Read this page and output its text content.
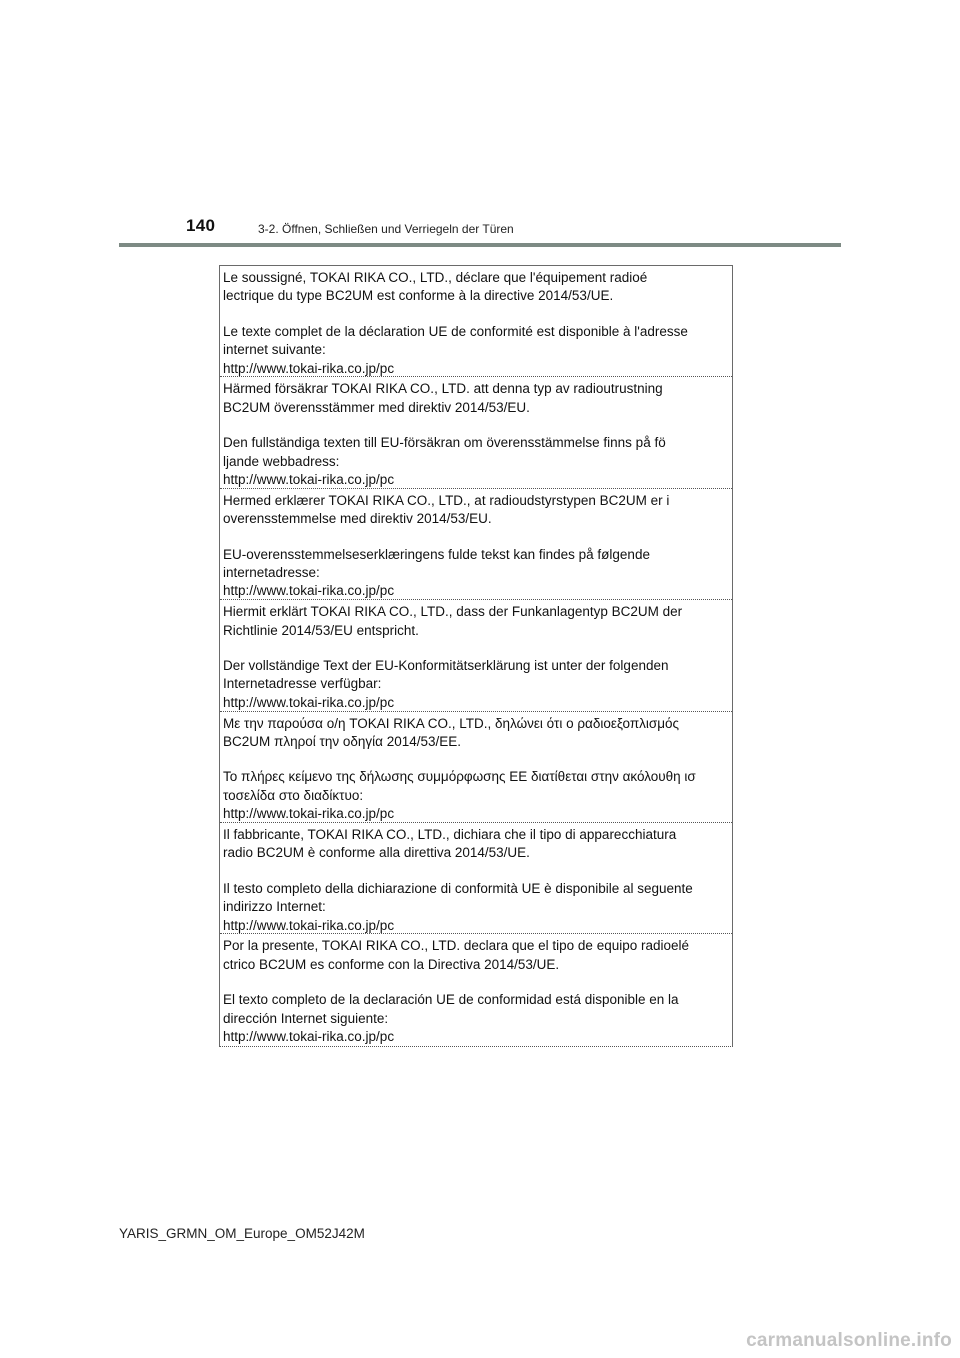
140	3-2. Öffnen, Schließen und Verriegeln der Türen

Le soussigné, TOKAI RIKA CO., LTD., déclare que l'équipement radioé

lectrique du type BC2UM est conforme à la directive 2014/53/UE.

Le texte complet de la déclaration UE de conformité est disponible à l'adresse

internet suivante:

http://www.tokai-rika.co.jp/pc

Härmed försäkrar TOKAI RIKA CO., LTD. att denna typ av radioutrustning

BC2UM överensstämmer med direktiv 2014/53/EU.

Den fullständiga texten till EU-försäkran om överensstämmelse finns på fö

ljande webbadress:

http://www.tokai-rika.co.jp/pc

Hermed erklærer TOKAI RIKA CO., LTD., at radioudstyrstypen BC2UM er i

overensstemmelse med direktiv 2014/53/EU.

EU-overensstemmelseserklæringens fulde tekst kan findes på følgende

internetadresse:

http://www.tokai-rika.co.jp/pc

Hiermit erklärt TOKAI RIKA CO., LTD., dass der Funkanlagentyp BC2UM der

Richtlinie 2014/53/EU entspricht.

Der vollständige Text der EU-Konformitätserklärung ist unter der folgenden

Internetadresse verfügbar:

http://www.tokai-rika.co.jp/pc

Με την παρούσα ο/η TOKAI RIKA CO., LTD., δηλώνει ότι ο ραδιοεξοπλισμός

BC2UM πληροί την οδηγία 2014/53/ΕΕ.

Το πλήρες κείμενο της δήλωσης συμμόρφωσης ΕΕ διατίθεται στην ακόλουθη ισ

τοσελίδα στο διαδίκτυο:

http://www.tokai-rika.co.jp/pc

Il fabbricante, TOKAI RIKA CO., LTD., dichiara che il tipo di apparecchiatura

radio BC2UM è conforme alla direttiva 2014/53/UE.

Il testo completo della dichiarazione di conformità UE è disponibile al seguente

indirizzo Internet:

http://www.tokai-rika.co.jp/pc

Por la presente, TOKAI RIKA CO., LTD. declara que el tipo de equipo radioelé

ctrico BC2UM es conforme con la Directiva 2014/53/UE.

El texto completo de la declaración UE de conformidad está disponible en la

dirección Internet siguiente:

http://www.tokai-rika.co.jp/pc

YARIS_GRMN_OM_Europe_OM52J42M
carmanualsonline.info
